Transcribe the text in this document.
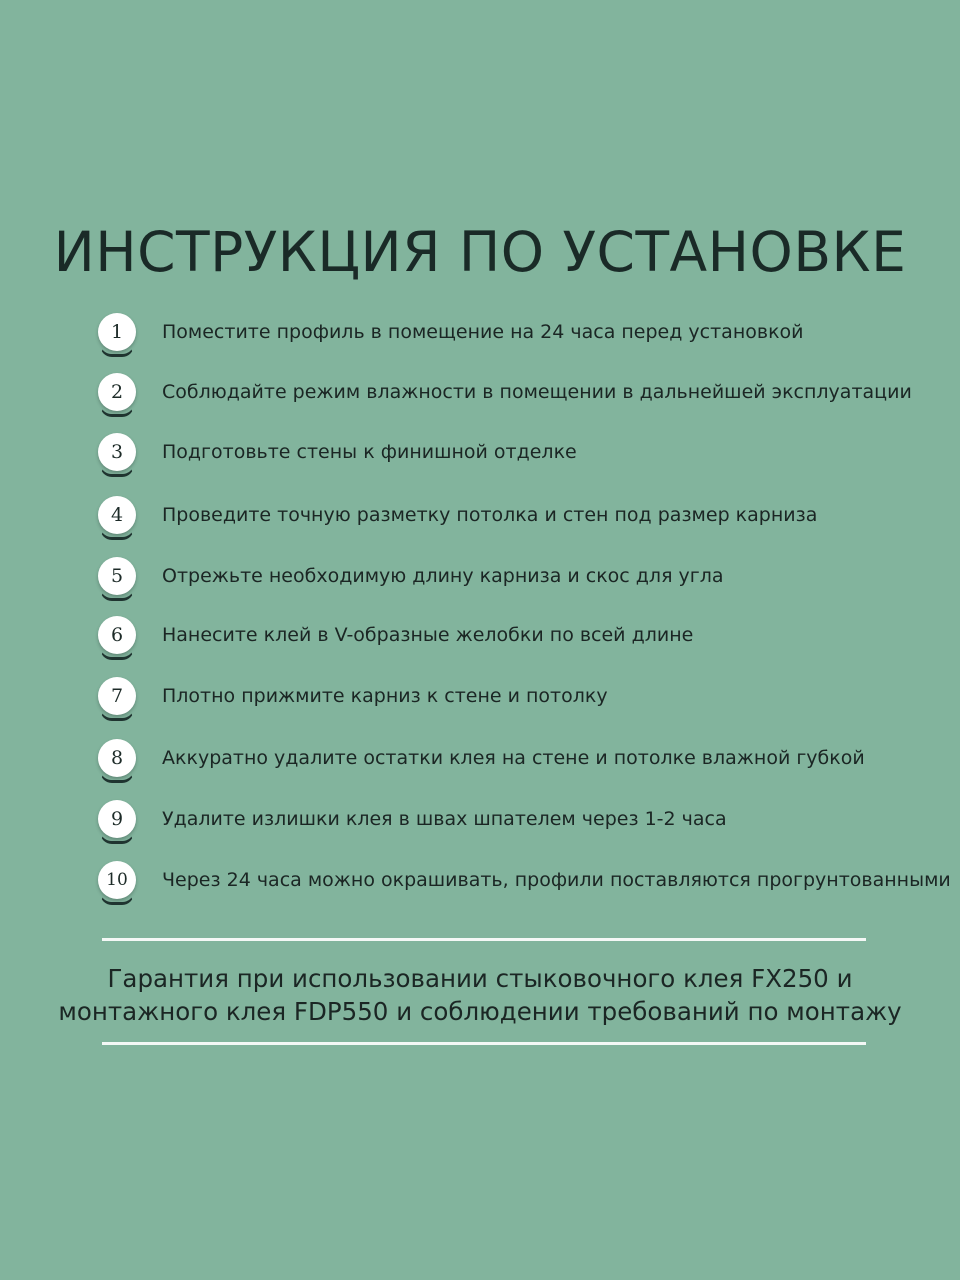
ИНСТРУКЦИЯ ПО УСТАНОВКЕ
1	Поместите профиль в помещение на 24 часа перед установкой
2	Соблюдайте режим влажности в помещении в дальнейшей эксплуатации
3	Подготовьте стены к финишной отделке
4	Проведите точную разметку потолка и стен под размер карниза
5	Отрежьте необходимую длину карниза и скос для угла
6	Нанесите клей в V-образные желобки по всей длине
7	Плотно прижмите карниз к стене и потолку
8	Аккуратно удалите остатки клея на стене и потолке влажной губкой
9	Удалите излишки клея в швах шпателем через 1-2 часа
10	Через 24 часа можно окрашивать, профили поставляются прогрунтованными
Гарантия при использовании стыковочного клея FX250 и
монтажного клея FDP550 и соблюдении требований по монтажу
